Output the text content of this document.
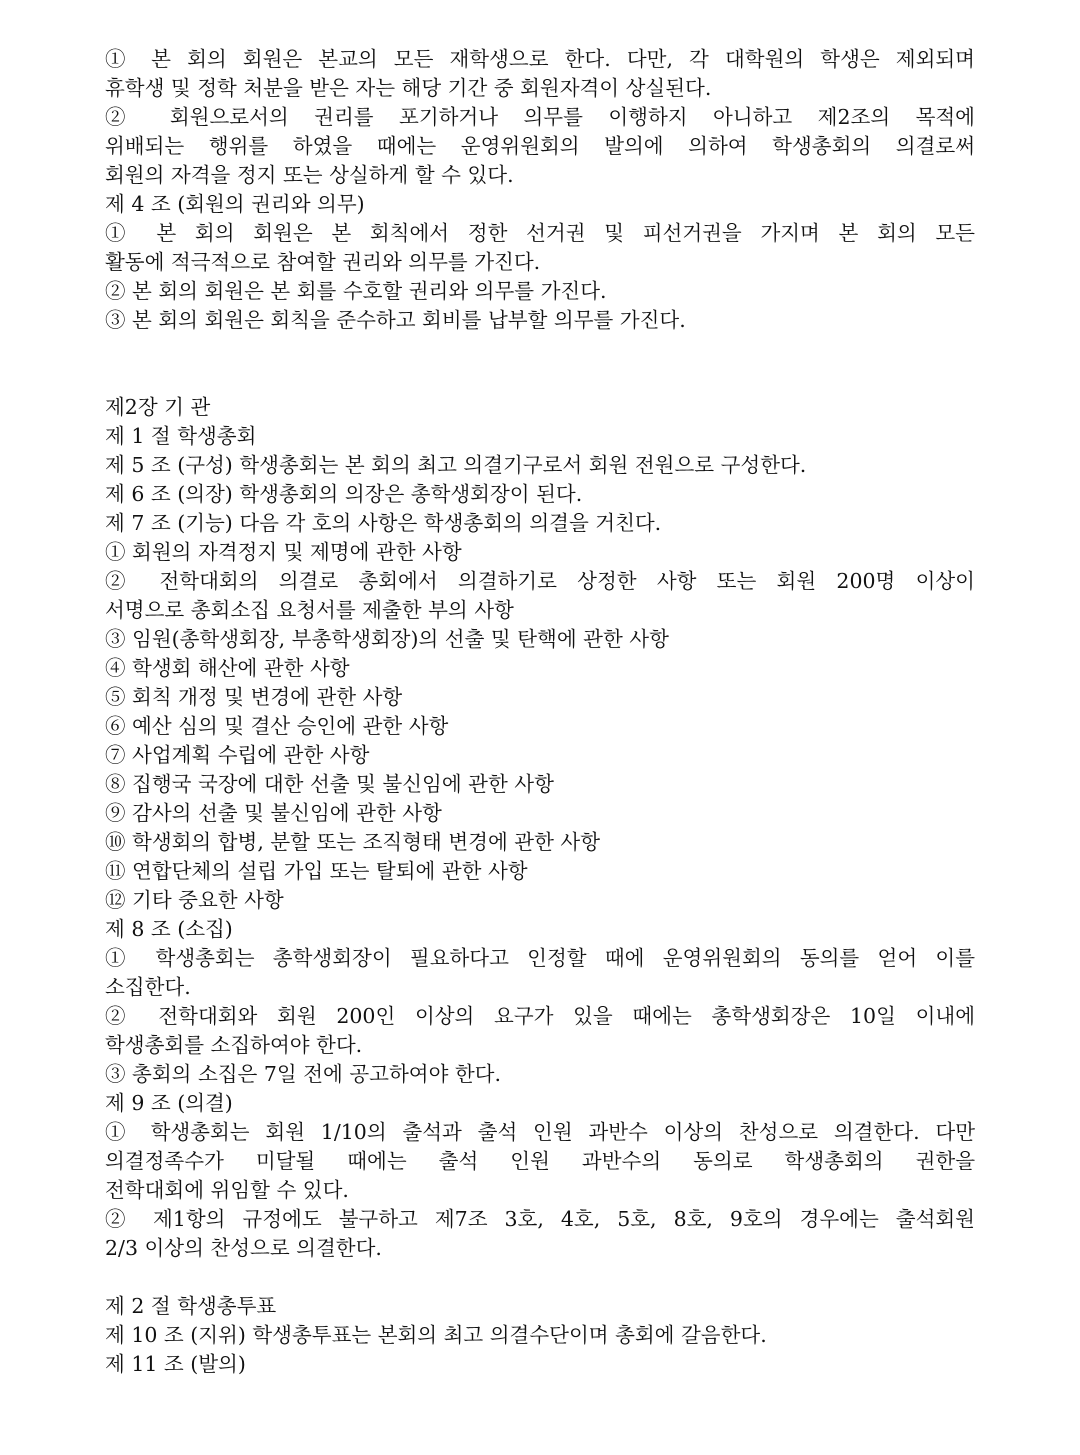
① 본 회의 회원은 본교의 모든 재학생으로 한다. 다만, 각 대학원의 학생은 제외되며
휴학생 및 정학 처분을 받은 자는 해당 기간 중 회원자격이 상실된다.
② 회원으로서의 권리를 포기하거나 의무를 이행하지 아니하고 제2조의 목적에
위배되는 행위를 하였을 때에는 운영위원회의 발의에 의하여 학생총회의 의결로써
회원의 자격을 정지 또는 상실하게 할 수 있다.
제 4 조 (회원의 권리와 의무)
① 본 회의 회원은 본 회칙에서 정한 선거권 및 피선거권을 가지며 본 회의 모든
활동에 적극적으로 참여할 권리와 의무를 가진다.
② 본 회의 회원은 본 회를 수호할 권리와 의무를 가진다.
③ 본 회의 회원은 회칙을 준수하고 회비를 납부할 의무를 가진다.
제2장 기 관
제 1 절 학생총회
제 5 조 (구성) 학생총회는 본 회의 최고 의결기구로서 회원 전원으로 구성한다.
제 6 조 (의장) 학생총회의 의장은 총학생회장이 된다.
제 7 조 (기능) 다음 각 호의 사항은 학생총회의 의결을 거친다.
① 회원의 자격정지 및 제명에 관한 사항
② 전학대회의 의결로 총회에서 의결하기로 상정한 사항 또는 회원 200명 이상이
서명으로 총회소집 요청서를 제출한 부의 사항
③ 임원(총학생회장, 부총학생회장)의 선출 및 탄핵에 관한 사항
④ 학생회 해산에 관한 사항
⑤ 회칙 개정 및 변경에 관한 사항
⑥ 예산 심의 및 결산 승인에 관한 사항
⑦ 사업계획 수립에 관한 사항
⑧ 집행국 국장에 대한 선출 및 불신임에 관한 사항
⑨ 감사의 선출 및 불신임에 관한 사항
⑩ 학생회의 합병, 분할 또는 조직형태 변경에 관한 사항
⑪ 연합단체의 설립 가입 또는 탈퇴에 관한 사항
⑫ 기타 중요한 사항
제 8 조 (소집)
① 학생총회는 총학생회장이 필요하다고 인정할 때에 운영위원회의 동의를 얻어 이를
소집한다.
② 전학대회와 회원 200인 이상의 요구가 있을 때에는 총학생회장은 10일 이내에
학생총회를 소집하여야 한다.
③ 총회의 소집은 7일 전에 공고하여야 한다.
제 9 조 (의결)
① 학생총회는 회원 1/10의 출석과 출석 인원 과반수 이상의 찬성으로 의결한다. 다만
의결정족수가 미달될 때에는 출석 인원 과반수의 동의로 학생총회의 권한을
전학대회에 위임할 수 있다.
② 제1항의 규정에도 불구하고 제7조 3호, 4호, 5호, 8호, 9호의 경우에는 출석회원
2/3 이상의 찬성으로 의결한다.
제 2 절 학생총투표
제 10 조 (지위) 학생총투표는 본회의 최고 의결수단이며 총회에 갈음한다.
제 11 조 (발의)
